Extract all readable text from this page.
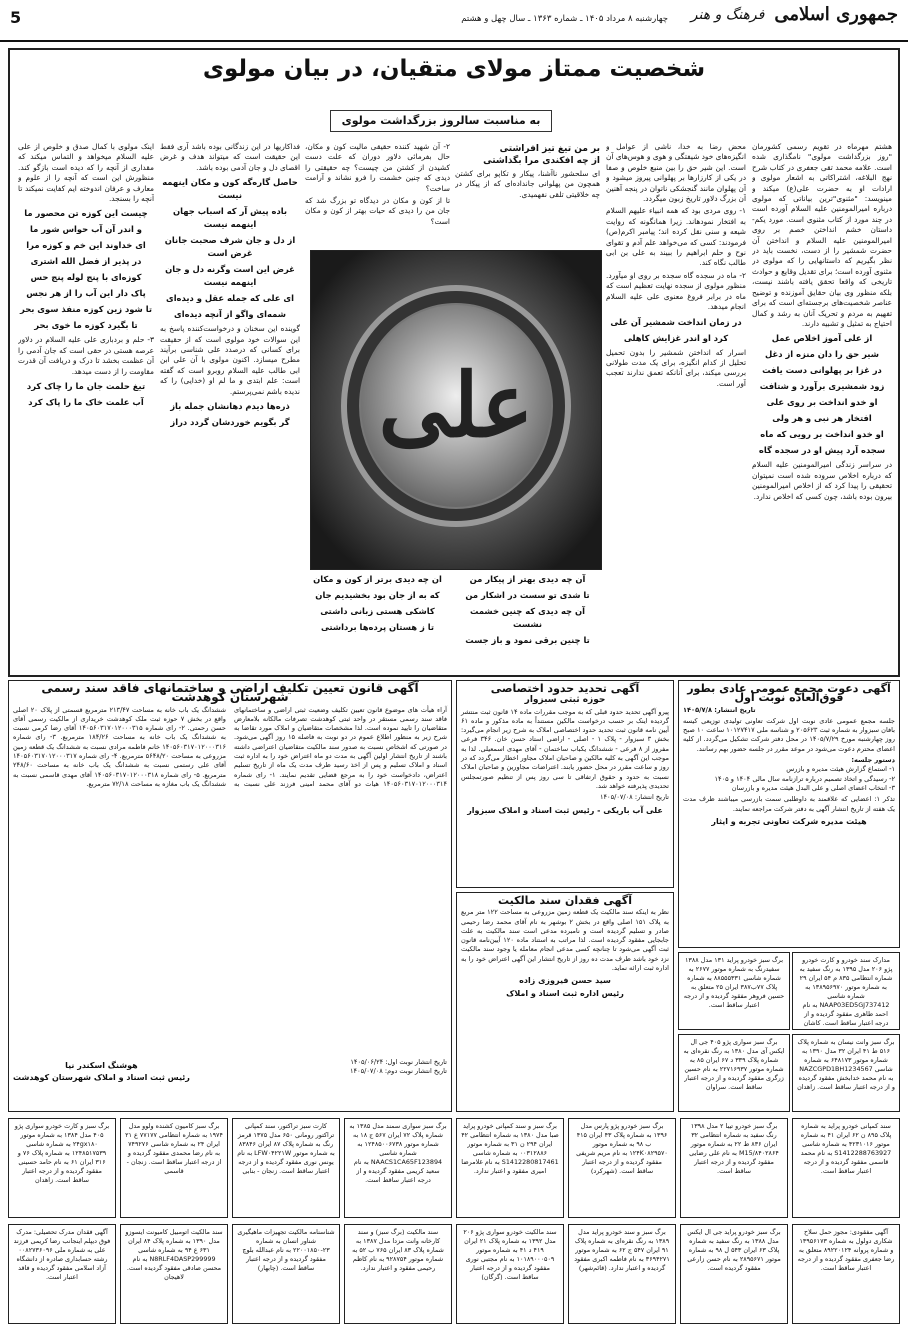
جمهوری اسلامی
فرهنگ و هنر
چهارشنبه ۸ مرداد ۱۴۰۵ ـ شماره ۱۳۶۳ ـ سال چهل و هشتم
5
شخصیت ممتاز مولای متقیان، در بیان مولوی
به مناسبت سالروز بزرگداشت مولوی

هشتم مهرماه در تقویم رسمی کشورمان "روز بزرگداشت مولوی" نامگذاری شده است. علامه محمد تقی جعفری در کتاب شرح نهج البلاغه، اشتراکاتی به اشعار مولوی و ارادات او به حضرت علی(ع) میکند و مینویسد: "مثنوی"ترین بیاناتی که مولوی درباره امیرالمومنین علیه السلام آورده است در چند مورد از کتاب مثنوی است. مورد یکم- داستان خشم انداختن خصم بر روی امیرالمومنین علیه السلام و انداختن آن حضرت شمشیر را از دست، نخست باید در نظر بگیریم که داستانهایی را که مولوی در مثنوی آورده است؛ برای تقدیل وقایع و حوادث تاریخی که واقعا تحقق یافته باشند نیست، بلکه منظور وی بیان حقایق آموزنده و توضیح عناصر شخصیت‌های برجسته‌ای است که برای تفهیم به مردم و تحریک آنان به رشد و کمال احتیاج به تمثیل و تشبیه دارند.

از علی آموز اخلاص عمل
شیر حق را دان منزه از دغل
در غزا بر پهلوانی دست یافت
زود شمشیری برآورد و شتافت
او خدو انداخت بر روی علی
افتخار هر نبی و هر ولی
او خدو انداخت بر رویی که ماه
سجده آرد پیش او در سجده گاه

در سراسر زندگی امیرالمومنین علیه السلام که درباره اخلاص سروده شده است نمیتوان تحقیقی را پیدا کرد که از اخلاص امیرالمومنین بیرون بوده باشد، چون کسی که اخلاص ندارد.

محض رضا به خدا، ناشی از عوامل و انگیزه‌های خود شیفتگی و هوی و هوس‌های آن است. این شیر حق را بین منبع خلوص و صفا در یکی از کارزارها بر پهلوانی پیروز میشود و آن پهلوان مانند گنجشکی ناتوان در پنجه آهنین آن بزرگ دلاور تاریخ زبون میگردد.

۱- روی مردی بود که همه انبیاء علیهم السلام به افتخار نمودهاند. زیرا همانگونه که روایت شیعه و سنی نقل کرده اند؛ پیامبر اکرم(ص) فرمودند: کسی که می‌خواهد علم آدم و تقوای نوح و حلم ابراهیم را ببیند به علی بن ابی طالب نگاه کند.

۲- ماه در سجده گاه سجده بر روی او میآورد. منظور مولوی از سجده نهایت تعظیم است که ماه در برابر فروغ معنوی علی علیه السلام انجام میدهد.

در زمان انداخت شمشیر آن علی
کرد او اندر غزایش کاهلی

اسرار که انداختن شمشیر را بدون تحمیل تحلیل از کدام انگیزه، برای یک مدت طولانی بررسی میکند، برای آنانکه تعمق ندارند تعجب آور است.

بر من تیغ تیز افراشتی
از چه افکندی مرا بگذاشتی

ای سلحشور ناآشنا، پیکار و تکاپو برای کشتن همچون من پهلوانی جانداده‌ای که از پیکار در چه خلاقیتی تلقی نفهمیدی.

آن چه دیدی بهتر از پیکار من
تا شدی تو سست در اشکار من
آن چه دیدی که چنین خشمت نشست
تا چنین برقی نمود و باز جست

۲- آن شهید کننده حقیقی مالیت کون و مکان، حال بفرمائی دلاور دوران که علت دست کشیدن از کشتن من چیست؟ چه حقیقتی را دیدی که چنین خشمت را فرو نشاند و آرامت ساخت؟

تا از کون و مکان در دیدگاه تو بزرگ شد که جان من را دیدی که حیات بهتر از کون و مکان است؟

ان چه دیدی برتر از کون و مکان
که به از جان بود بخشیدیم جان
کاشکی هستی زبانی داشتی
تا ز هستان پرده‌ها برداشتی
علی

فداکاریها در این زندگانی بوده باشد آری فقط این حقیقت است که میتواند هدف و غرض اقصای دل و جان آدمی بوده باشد.

حاصل گاره‌گه کون و مکان اینهمه نیست
باده پیش آر که اسباب جهان اینهمه نیست
از دل و جان شرف صحبت جانان غرض است
غرض این است وگرنه دل و جان اینهمه نیست
ای علی که جمله عقل و دیده‌ای
شمه‌ای واگو از آنچه دیده‌ای

گوینده این سخنان و درخواست‌کننده پاسخ به این سوالات خود مولوی است که از حقیقت برای کسانی که درصدد علی شناسی برآیند مطرح میسازد. اکنون مولوی با آن علی ابن ابی طالب علیه السلام روبرو است که گفته است: علم ابتدی و ما لم او (خدایی) را که ندیده باشم نمی‌پرستم.

ذره‌ها دیدم دهانشان جمله باز
گر بگویم خوردشان گردد دراز

اینک مولوی با کمال صدق و خلوص از علی علیه السلام میخواهد و التماس میکند که مقداری از آنچه را که دیده است بازگو کند. منظورش این است که آنچه را از علوم و معارف و عرفان اندوخته ایم کفایت نمیکند تا آنچه را بسنجد.

چیست این کوزه تن محصور ما
و اندر آن آب حواس شور ما
ای خداوند این خم و کوزه مرا
در پذیر از فضل الله اشتری
کوزه‌ای با پنج لوله پنج حس
پاک دار این آب را از هر نجس
تا شود زین کوزه منفذ سوی بحر
تا بگیرد کوزه ما خوی بحر

۳- حلم و بردباری علی علیه السلام در دلاور عرصه هستی در حقی است که جان آدمی را آن عظمت بخشد تا درک و دریافت آن قدرت مقاومت را از دست میدهد.

تیغ حلمت جان ما را چاک کرد
آب علمت خاک ما را پاک کرد
آگهی دعوت مجمع عمومی عادی بطور فوق‌العاده نوبت اول
تاریخ انتشار: ۱۴۰۵/۷/۸

جلسه مجمع عمومی عادی نوبت اول شرکت تعاونی تولیدی توزیعی کیسه بافان سبزوار به شماره ثبت ۲۰۵۶۲۳ و شناسه ملی ۱۰۱۲۷۴۱۷ ساعت ۱۰ صبح روز چهارشنبه مورخ ۱۴۰۵/۷/۲۹ در محل دفتر شرکت تشکیل می‌گردد. از کلیه اعضای محترم دعوت می‌شود در موعد مقرر در جلسه حضور بهم رسانند.

دستور جلسه:
۱- استماع گزارش هیئت مدیره و بازرس
۲- رسیدگی و اتخاذ تصمیم درباره ترازنامه سال مالی ۱۴۰۴ و ۱۴۰۵
۳- انتخاب اعضای اصلی و علی البدل هیئت مدیره و بازرسان

تذکر ۱: اعضایی که علاقمند به داوطلبی سمت بازرسی میباشند ظرف مدت یک هفته از تاریخ انتشار آگهی به دفتر شرکت مراجعه نمایند.

هیئت مدیره شرکت تعاونی تجربه و ایثار
آگهی تحدید حدود اختصاصی
حوزه ثبتی سبزوار

پیرو آگهی تحدید حدود قبلی که به موجب مقررات ماده ۱۴ قانون ثبت منتشر گردیده اینک بر حسب درخواست مالکین مستنداً به ماده مذکور و ماده ۶۱ آیین نامه قانون ثبت تحدید حدود اختصاصی املاک به شرح زیر انجام می‌گیرد: بخش ۳ سبزوار - پلاک ۱ - اصلی - اراضی استاد حسن خان. ۳۴۶ فرعی مفروز از ۸ فرعی - ششدانگ یکباب ساختمان - آقای مهدی اسمعیلی. لذا به موجب این آگهی به کلیه مالکین و صاحبان املاک مجاور اخطار می‌گردد که در روز و ساعت مقرر در محل حضور یابند. اعتراضات مجاورین و صاحبان املاک نسبت به حدود و حقوق ارتفاقی تا سی روز پس از تنظیم صورتمجلس تحدیدی پذیرفته خواهد شد.

تاریخ انتشار: ۱۴۰۵/۰۷/۰۸
علی آب باریکی - رئیس ثبت اسناد و املاک سبزوار
آگهی فقدان سند مالکیت

نظر به اینکه سند مالکیت یک قطعه زمین مزروعی به مساحت ۱۲۲ متر مربع به پلاک ۱۵۱ اصلی واقع در بخش ۲ بوشهر به نام آقای محمد رضا رحیمی صادر و تسلیم گردیده است و نامبرده مدعی است سند مالکیت به علت جابجایی مفقود گردیده است. لذا مراتب به استناد ماده ۱۲۰ آیین‌نامه قانون ثبت آگهی می‌شود تا چنانچه کسی مدعی انجام معامله یا وجود سند مالکیت نزد خود باشد ظرف مدت ده روز از تاریخ انتشار این آگهی اعتراض خود را به اداره ثبت ارائه نماید.

سید حسن فیروزی زاده
رئیس اداره ثبت اسناد و املاک
آگهی قانون تعیین تکلیف اراضی و ساختمانهای فاقد سند رسمی شهرستان کوهدشت

آراء هیأت های موضوع قانون تعیین تکلیف وضعیت ثبتی اراضی و ساختمانهای فاقد سند رسمی مستقر در واحد ثبتی کوهدشت تصرفات مالکانه بلامعارض متقاضیان را تایید نموده است. لذا مشخصات متقاضیان و املاک مورد تقاضا به شرح زیر به منظور اطلاع عموم در دو نوبت به فاصله ۱۵ روز آگهی می‌شود. در صورتی که اشخاص نسبت به صدور سند مالکیت متقاضیان اعتراضی داشته باشند از تاریخ انتشار اولین آگهی به مدت دو ماه اعتراض خود را به اداره ثبت اسناد و املاک تسلیم و پس از اخذ رسید ظرف مدت یک ماه از تاریخ تسلیم اعتراض، دادخواست خود را به مرجع قضایی تقدیم نمایند. ۱- رای شماره ۱۴۰۵۶۰۳۱۷۰۱۲۰۰۰۳۱۴ هیات دو آقای محمد امینی فرزند علی نسبت به ششدانگ یک باب خانه به مساحت ۲۱۳/۴۷ مترمربع قسمتی از پلاک ۲۰ اصلی واقع در بخش ۷ حوزه ثبت ملک کوهدشت خریداری از مالکیت رسمی آقای حسن رحمتی. ۲- رای شماره ۱۴۰۵۶۰۳۱۷۰۱۲۰۰۰۳۱۵ آقای رضا کرمی نسبت به ششدانگ یک باب خانه به مساحت ۱۸۴/۲۶ مترمربع. ۳- رای شماره ۱۴۰۵۶۰۳۱۷۰۱۲۰۰۰۳۱۶ خانم فاطمه مرادی نسبت به ششدانگ یک قطعه زمین مزروعی به مساحت ۵۶۴۸/۲۰ مترمربع. ۴- رای شماره ۱۴۰۵۶۰۳۱۷۰۱۲۰۰۰۳۱۷ آقای علی رستمی نسبت به ششدانگ یک باب خانه به مساحت ۲۴۸/۶۰ مترمربع. ۵- رای شماره ۱۴۰۵۶۰۳۱۷۰۱۲۰۰۰۳۱۸ آقای مهدی قاسمی نسبت به ششدانگ یک باب مغازه به مساحت ۷۲/۱۸ مترمربع.

تاریخ انتشار نوبت اول: ۱۴۰۵/۰۶/۲۴
تاریخ انتشار نوبت دوم: ۱۴۰۵/۰۷/۰۸
هوشنگ اسکندر نیا
رئیس ثبت اسناد و املاک شهرستان کوهدشت
برگ سبز خودرو پراید ۱۳۱ مدل ۱۳۸۸ سفیدرنگ به شماره موتور ۲۶۷۷ به شماره شاسی ۸۸۵۵۵۳۳۱ به شماره پلاک ۷۷ب۳۸۷ ایران ۲۵ متعلق به حسین فروهر مفقود گردیده و از درجه اعتبار ساقط است.
مدارک سند خودرو و کارت خودرو پژو ۲۰۶ مدل ۱۳۹۵ به رنگ سفید به شماره انتظامی ۸۳۵ م ۵۴ ایران ۲۹ به شماره موتور ۱۳۸۹۵۶۹۷۰ به شماره شاسی NAAP03ED5GJ737412 به نام احمد طاهری مفقود گردیده و از درجه اعتبار ساقط است. کاشان
برگ سبز سواری پژو ۴۰۵ جی ال ایکس آی مدل ۱۳۸۰ به رنگ نقره‌ای به شماره پلاک ۳۳۹ د ۶۷ ایران ۸۵ به شماره موتور ۲۲۷۱۶۹۳۷ به نام حسین زرگری مفقود گردیده و از درجه اعتبار ساقط است. سراوان
برگ سبز وانت نیسان به شماره پلاک ۵۱۶ ط ۴۱ ایران ۳۲ مدل ۱۳۹۰ به شماره موتور ۶۴۸۱۷۳ به شماره شاسی NAZCGPD1BH1234567 به نام محمد خدابخش مفقود گردیده و از درجه اعتبار ساقط است. زاهدان
سند کمپانی خودرو پراید به شماره پلاک ۸۹۵ ن ۶۲ ایران ۴۱ به شماره موتور ۴۲۳۱۰۱۶ به شماره شاسی S1412288763927 به نام محمد قاسمی مفقود گردیده و از درجه اعتبار ساقط است.
برگ سبز خودرو تیبا ۲ مدل ۱۳۹۸ رنگ سفید به شماره انتظامی ۳۲ ایران ۸۳۶ ط ۲۲ به شماره موتور M15/۸۴۰۲۸۶۴ به نام علی رضایی مفقود گردیده و از درجه اعتبار ساقط است.
برگ سبز خودرو پژو پارس مدل ۱۳۹۶ به شماره پلاک ۴۳ ایران ۴۱۵ ب ۹۸ به شماره موتور ۱۲۴K۰۸۲۹۵۷۰ به نام مریم شریفی مفقود گردیده و از درجه اعتبار ساقط است. (شهرکرد)
برگ سبز و سند کمپانی خودرو پراید صبا مدل ۱۳۸۰ به شماره انتظامی ۴۲ ایران ۲۹۴ ن ۳۱ به شماره موتور ۰۰۳۱۲۸۸۶ به شماره شاسی S1412280817461 به نام غلامرضا امیری مفقود و اعتبار ندارد.
برگ سبز سواری سمند مدل ۱۳۸۵ به شماره پلاک ۷۲ ایران ۵۶۷ ج ۱۸ به شماره موتور ۱۲۴۸۵۰۰۶۷۳۸ به شماره شاسی NAACS1CA65F123894 به نام سعید کریمی مفقود گردیده و از درجه اعتبار ساقط است.
کارت سبز تراکتور، سند کمپانی تراکتور رومانی ۶۵۰ مدل ۱۳۷۵ قرمز رنگ به شماره پلاک ۸۷ ایران ۸۳۸۴۶ به شماره موتور LFW۰۴۲۲۱W به نام یونس نوری مفقود گردیده و از درجه اعتبار ساقط است. زنجان - بنابی
برگ سبز کامیون کشنده ولوو مدل ۱۹۷۴ به شماره انتظامی ۷۷۱۷۷ ع ۲۱ ایران ۲۴ به شماره شاسی ۷۴۹۲۷۶ به نام رضا محمدی مفقود گردیده و از درجه اعتبار ساقط است. زنجان - قاسمی
برگ سبز و کارت خودرو سواری پژو ۴۰۵ مدل ۱۳۸۴ به شماره موتور ۲۴gx۱۸۰ به شماره شاسی ۱۲۴۸۵۱۷۵۳۹ به شماره پلاک ۷۶ و ۳۱۶ ایران ۶۱ به نام حامد حسینی مفقود گردیده و از درجه اعتبار ساقط است. زاهدان
آگهی مفقودی: مجوز حمل سلاح شکاری دولول به شماره ۱۳۹۵۶۱۷۳ و شماره پروانه ۸۹۲۲۰۱۲۴ متعلق به رضا جعفری مفقود گردیده و از درجه اعتبار ساقط است.
برگ سبز خودرو پراید جی ال ایکس مدل ۱۳۸۸ به رنگ سفید به شماره پلاک ۶۳ ایران ۵۴۳ ل ۹۸ به شماره موتور ۲۸۹۵۶۷۱ به نام حسن زارعی مفقود گردیده است.
برگ سبز و سند خودرو پراید مدل ۱۳۸۹ به رنگ نقره‌ای به شماره پلاک ۹۱ ایران ۵۴۷ ج ۶۲ به شماره موتور ۳۶۹۴۲۷۱ به نام فاطمه اکبری مفقود گردیده و اعتبار ندارد. (قائم‌شهر)
سند مالکیت خودرو سواری پژو ۲۰۶ مدل ۱۳۹۲ به شماره پلاک ۲۱ ایران ۴۱۹ د ۴۱ به شماره موتور ۱۰۱۸۹۰۰۰۵۰۹ به نام مجتبی نوری مفقود گردیده و از درجه اعتبار ساقط است. (گرگان)
سند مالکیت (برگ سبز) و سند کارخانه وانت مزدا مدل ۱۳۸۷ به شماره پلاک ۸۳ ایران ۷۶۵ ب ۵۲ به شماره موتور ۹۲۸۷۵۴ به نام کاظم رحیمی مفقود و اعتبار ندارد.
شناسنامه مالکیت تجهیزات ماهیگیری شناور انسان به شماره ۲۳-۲۲۰۰۱۸۵۰ به نام عبدالله بلوچ مفقود گردیده و از درجه اعتبار ساقط است. (چابهار)
سند مالکیت اتومبیل کامیونت ایسوزو مدل ۱۳۹۰ به شماره پلاک ۸۴ ایران ۶۳۱ ع ۹۴ به شماره شاسی N8RLF4DASP299999 به نام محسن صادقی مفقود گردیده است. لاهیجان
آگهی فقدان مدرک تحصیلی: مدرک فوق دیپلم اینجانب رضا کریمی فرزند علی به شماره ملی ۰۰۸۲۷۳۶۰۹۶ رشته حسابداری صادره از دانشگاه آزاد اسلامی مفقود گردیده و فاقد اعتبار است.
